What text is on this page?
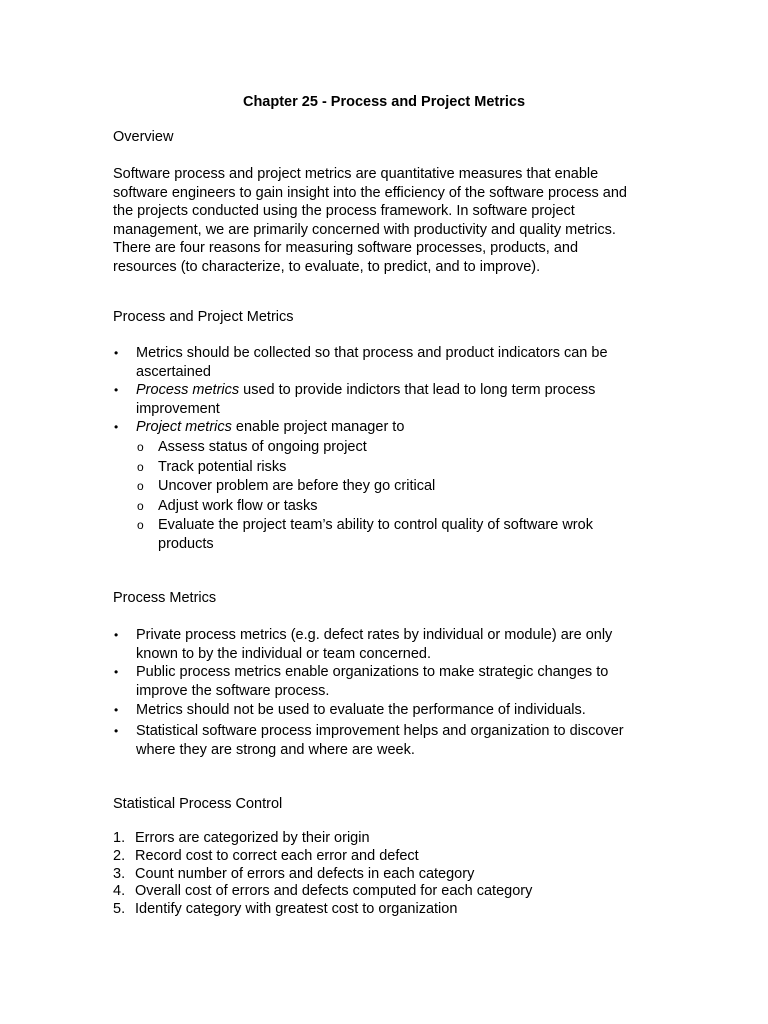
Chapter 25 - Process and Project Metrics
Overview

Software process and project metrics are quantitative measures that enable

software engineers to gain insight into the efficiency of the software process and

the projects conducted using the process framework. In software project

management, we are primarily concerned with productivity and quality metrics.

There are four reasons for measuring software processes, products, and

resources (to characterize, to evaluate, to predict, and to improve).

Process and Project Metrics
• Metrics should be collected so that process and product indicators can be
ascertained
• Process metrics used to provide indictors that lead to long term process
improvement
• Project metrics enable project manager to
o Assess status of ongoing project
o Track potential risks
o Uncover problem are before they go critical
o Adjust work flow or tasks
o Evaluate the project team’s ability to control quality of software wrok
products
Process Metrics
• Private process metrics (e.g. defect rates by individual or module) are only
known to by the individual or team concerned.
• Public process metrics enable organizations to make strategic changes to
improve the software process.
• Metrics should not be used to evaluate the performance of individuals.
• Statistical software process improvement helps and organization to discover
where they are strong and where are week.
Statistical Process Control
1. Errors are categorized by their origin
2. Record cost to correct each error and defect
3. Count number of errors and defects in each category
4. Overall cost of errors and defects computed for each category
5. Identify category with greatest cost to organization
